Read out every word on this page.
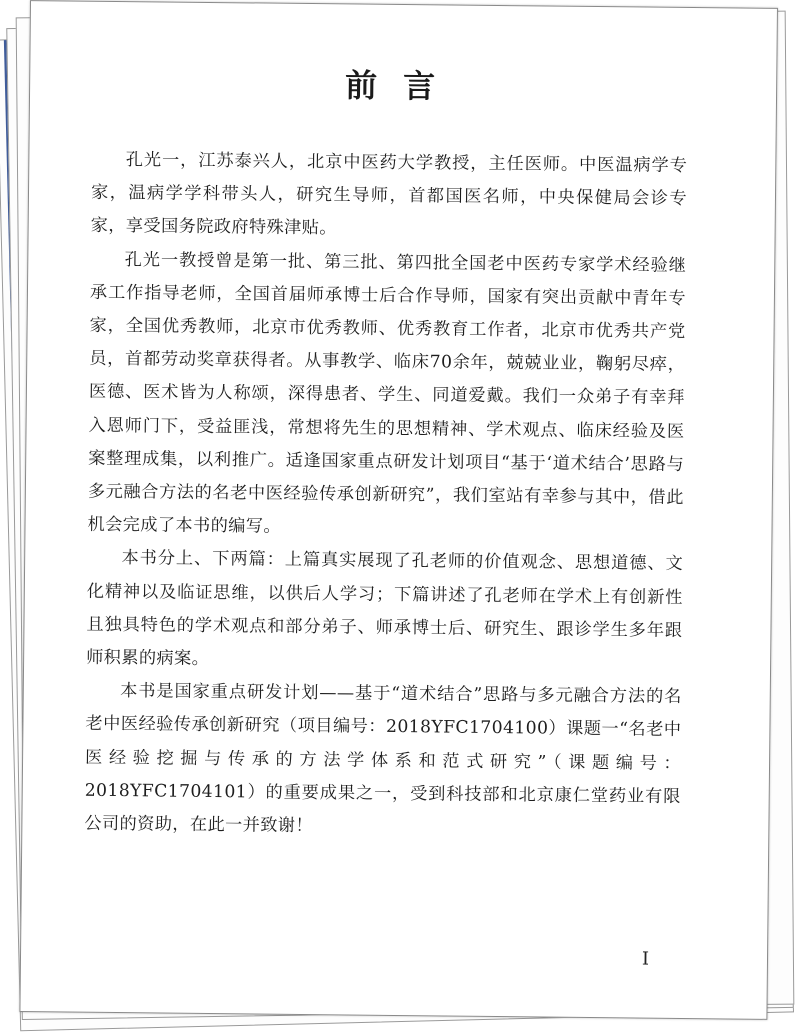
前言

孔光一，江苏泰兴人，北京中医药大学教授，主任医师。中医温病学专家，温病学学科带头人，研究生导师，首都国医名师，中央保健局会诊专家，享受国务院政府特殊津贴。

孔光一教授曾是第一批、第三批、第四批全国老中医药专家学术经验继承工作指导老师，全国首届师承博士后合作导师，国家有突出贡献中青年专家，全国优秀教师，北京市优秀教师、优秀教育工作者，北京市优秀共产党员，首都劳动奖章获得者。从事教学、临床70余年，兢兢业业，鞠躬尽瘁，医德、医术皆为人称颂，深得患者、学生、同道爱戴。我们一众弟子有幸拜入恩师门下，受益匪浅，常想将先生的思想精神、学术观点、临床经验及医案整理成集，以利推广。适逢国家重点研发计划项目“基于‘道术结合’思路与多元融合方法的名老中医经验传承创新研究”，我们室站有幸参与其中，借此机会完成了本书的编写。

本书分上、下两篇：上篇真实展现了孔老师的价值观念、思想道德、文化精神以及临证思维，以供后人学习；下篇讲述了孔老师在学术上有创新性且独具特色的学术观点和部分弟子、师承博士后、研究生、跟诊学生多年跟师积累的病案。

本书是国家重点研发计划——基于“道术结合”思路与多元融合方法的名老中医经验传承创新研究（项目编号：2018YFC1704100）课题一“名老中医经验挖掘与传承的方法学体系和范式研究”（课题编号：2018YFC1704101）的重要成果之一，受到科技部和北京康仁堂药业有限公司的资助，在此一并致谢！

I
